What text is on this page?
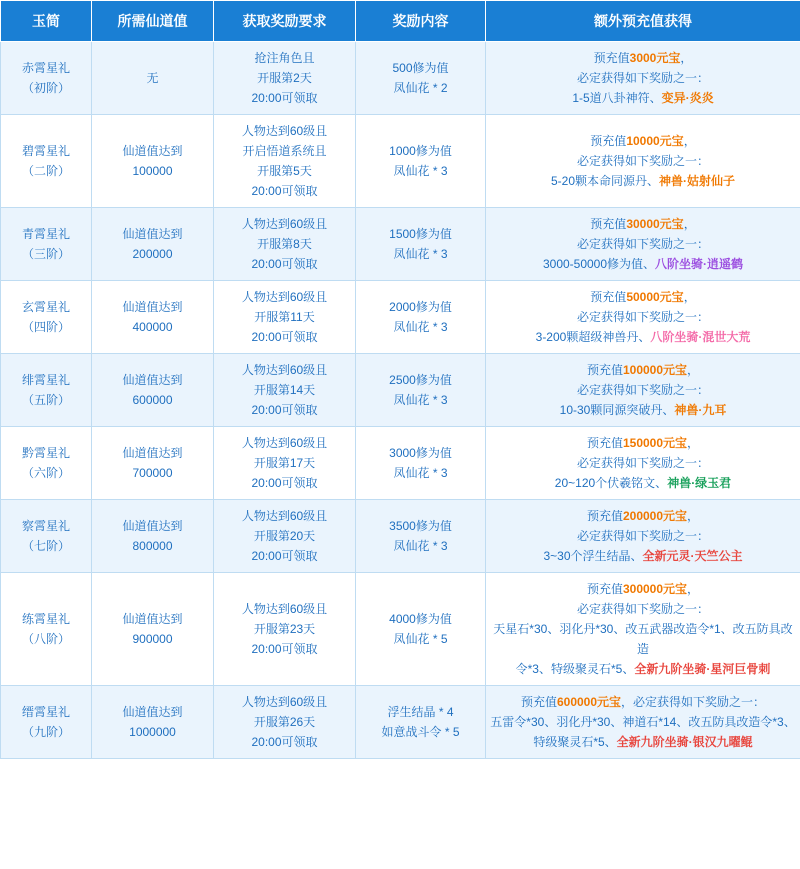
玉简	所需仙道值	获取奖励要求	奖励内容	额外预充值获得

赤霄星礼
（初阶）	无	抢注角色且
开服第2天
20:00可领取	500修为值
凤仙花 * 2	预充值3000元宝，
必定获得如下奖励之一：
1-5道八卦神符、变异·炎炎

碧霄星礼
（二阶）	仙道值达到
100000	人物达到60级且
开启悟道系统且
开服第5天
20:00可领取	1000修为值
凤仙花 * 3	预充值10000元宝，
必定获得如下奖励之一：
5-20颗本命同源丹、神兽·姑射仙子

青霄星礼
（三阶）	仙道值达到
200000	人物达到60级且
开服第8天
20:00可领取	1500修为值
凤仙花 * 3	预充值30000元宝，
必定获得如下奖励之一：
3000-50000修为值、八阶坐骑·逍遥鹤

玄霄星礼
（四阶）	仙道值达到
400000	人物达到60级且
开服第11天
20:00可领取	2000修为值
凤仙花 * 3	预充值50000元宝，
必定获得如下奖励之一：
3-200颗超级神兽丹、八阶坐骑·混世大荒

绯霄星礼
（五阶）	仙道值达到
600000	人物达到60级且
开服第14天
20:00可领取	2500修为值
凤仙花 * 3	预充值100000元宝，
必定获得如下奖励之一：
10-30颗同源突破丹、神兽·九耳

黔霄星礼
（六阶）	仙道值达到
700000	人物达到60级且
开服第17天
20:00可领取	3000修为值
凤仙花 * 3	预充值150000元宝，
必定获得如下奖励之一：
20~120个伏羲铭文、神兽·绿玉君

察霄星礼
（七阶）	仙道值达到
800000	人物达到60级且
开服第20天
20:00可领取	3500修为值
凤仙花 * 3	预充值200000元宝，
必定获得如下奖励之一：
3~30个浮生结晶、全新元灵·天竺公主

练霄星礼
（八阶）	仙道值达到
900000	人物达到60级且
开服第23天
20:00可领取	4000修为值
凤仙花 * 5	预充值300000元宝，
必定获得如下奖励之一：
天星石*30、羽化丹*30、改五武器改造令*1、改五防具改造
令*3、特级聚灵石*5、全新九阶坐骑·星河巨骨刺

缙霄星礼
（九阶）	仙道值达到
1000000	人物达到60级且
开服第26天
20:00可领取	浮生结晶 * 4
如意战斗令 * 5	预充值600000元宝，必定获得如下奖励之一：
五雷令*30、羽化丹*30、神道石*14、改五防具改造令*3、
特级聚灵石*5、全新九阶坐骑·银汉九曜鲲
